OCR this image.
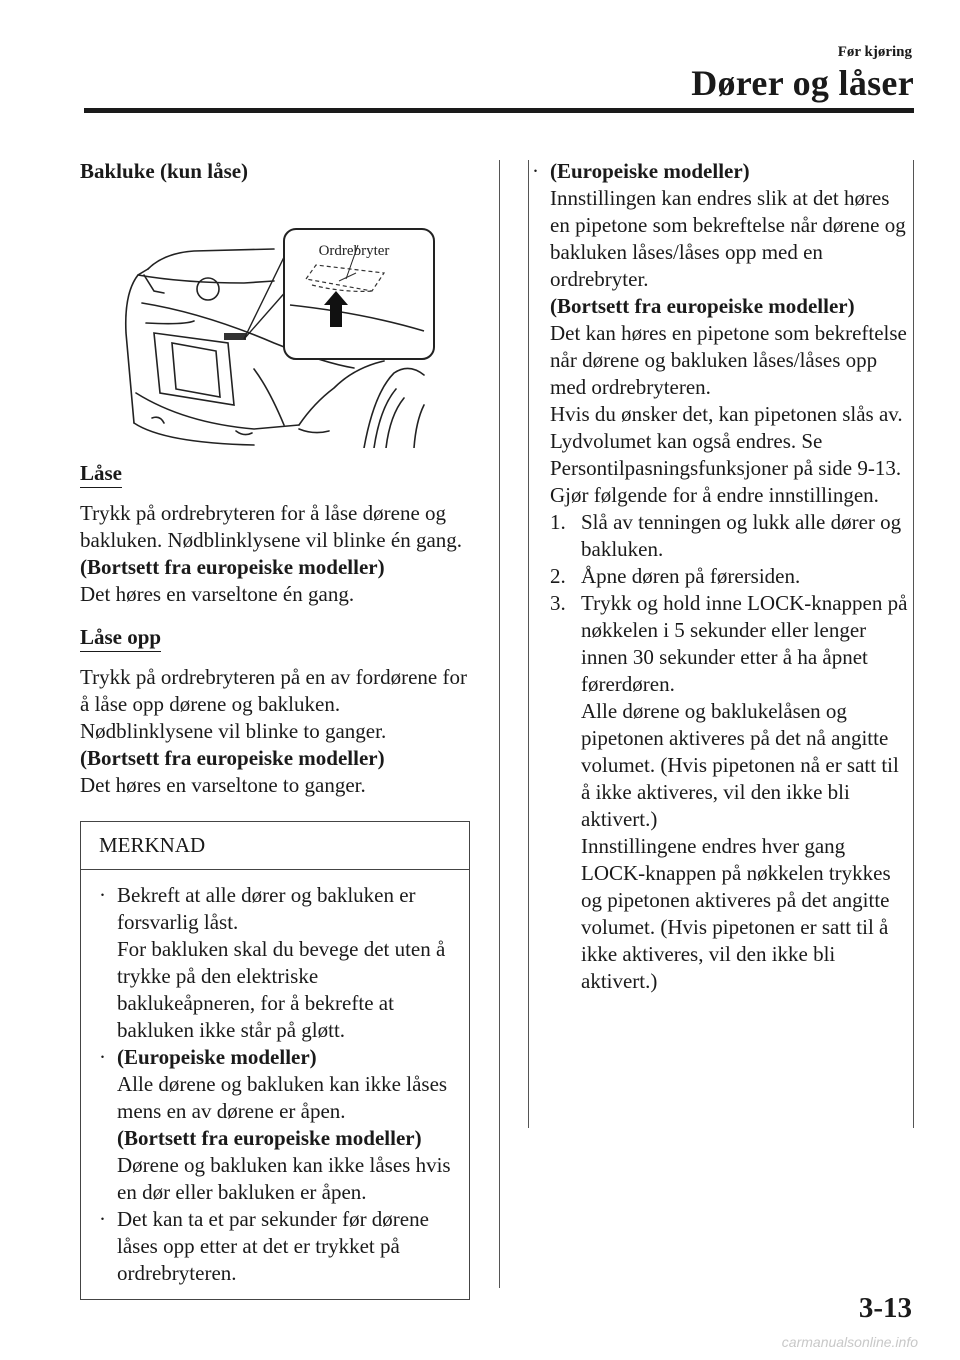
Før kjøring
Dører og låser

Bakluke (kun låse)

Ordrebryter
Låse

Trykk på ordrebryteren for å låse dørene og bakluken. Nødblinklysene vil blinke én gang.

(Bortsett fra europeiske modeller)

Det høres en varseltone én gang.

Låse opp

Trykk på ordrebryteren på en av fordørene for å låse opp dørene og bakluken. Nødblinklysene vil blinke to ganger.

(Bortsett fra europeiske modeller)

Det høres en varseltone to ganger.

MERKNAD
· Bekreft at alle dører og bakluken er forsvarlig låst.

For bakluken skal du bevege det uten å trykke på den elektriske baklukeåpneren, for å bekrefte at bakluken ikke står på gløtt.

· (Europeiske modeller)

Alle dørene og bakluken kan ikke låses mens en av dørene er åpen.

(Bortsett fra europeiske modeller)

Dørene og bakluken kan ikke låses hvis en dør eller bakluken er åpen.

· Det kan ta et par sekunder før dørene låses opp etter at det er trykket på ordrebryteren.

· (Europeiske modeller)

Innstillingen kan endres slik at det høres en pipetone som bekreftelse når dørene og bakluken låses/låses opp med en ordrebryter.

(Bortsett fra europeiske modeller)

Det kan høres en pipetone som bekreftelse når dørene og bakluken låses/låses opp med ordrebryteren.

Hvis du ønsker det, kan pipetonen slås av.

Lydvolumet kan også endres. Se Persontilpasningsfunksjoner på side 9-13.

Gjør følgende for å endre innstillingen.

1. Slå av tenningen og lukk alle dører og bakluken.

2. Åpne døren på førersiden.

3. Trykk og hold inne LOCK-knappen på nøkkelen i 5 sekunder eller lenger innen 30 sekunder etter å ha åpnet førerdøren.

Alle dørene og baklukelåsen og pipetonen aktiveres på det nå angitte volumet. (Hvis pipetonen nå er satt til å ikke aktiveres, vil den ikke bli aktivert.)

Innstillingene endres hver gang LOCK-knappen på nøkkelen trykkes og pipetonen aktiveres på det angitte volumet. (Hvis pipetonen er satt til å ikke aktiveres, vil den ikke bli aktivert.)

3-13
carmanualsonline.info
